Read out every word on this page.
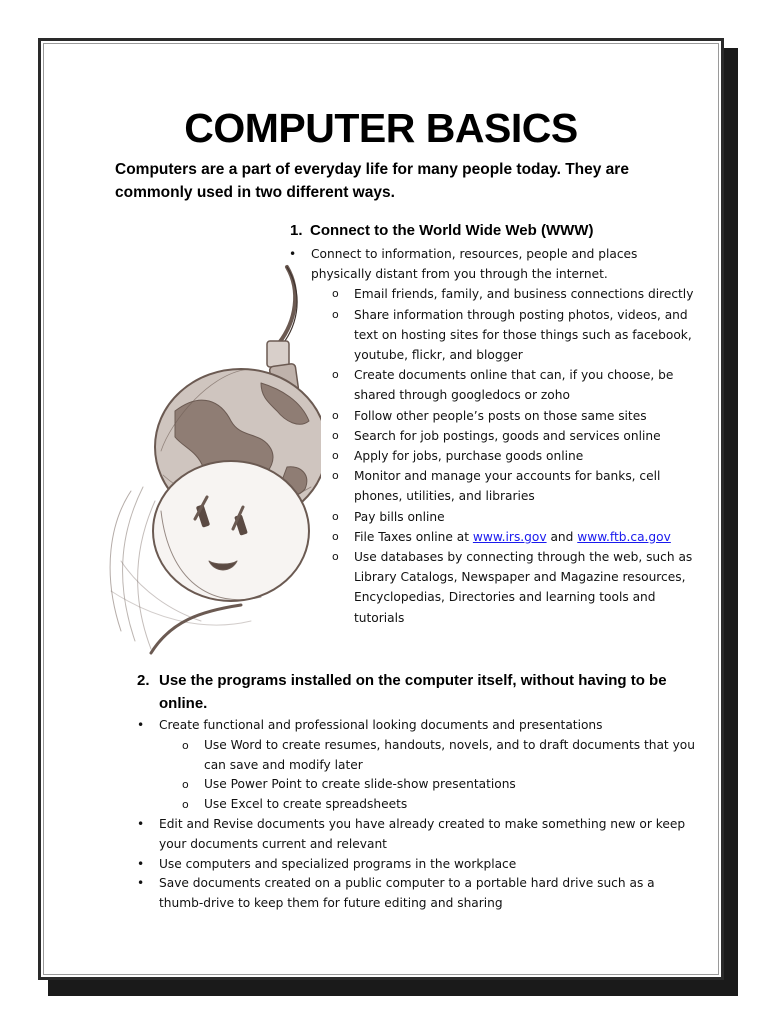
COMPUTER BASICS
Computers are a part of everyday life for many people today. They are commonly used in two different ways.
1. Connect to the World Wide Web (WWW)
• Connect to information, resources, people and places physically distant from you through the internet.
o Email friends, family, and business connections directly
o Share information through posting photos, videos, and text on hosting sites for those things such as facebook, youtube, flickr, and blogger
o Create documents online that can, if you choose, be shared through googledocs or zoho
o Follow other people’s posts on those same sites
o Search for job postings, goods and services online
o Apply for jobs, purchase goods online
o Monitor and manage your accounts for banks, cell phones, utilities, and libraries
o Pay bills online
o File Taxes online at www.irs.gov and www.ftb.ca.gov
o Use databases by connecting through the web, such as Library Catalogs, Newspaper and Magazine resources, Encyclopedias, Directories and learning tools and tutorials
2. Use the programs installed on the computer itself, without having to be online.
• Create functional and professional looking documents and presentations
o Use Word to create resumes, handouts, novels, and to draft documents that you can save and modify later
o Use Power Point to create slide-show presentations
o Use Excel to create spreadsheets
• Edit and Revise documents you have already created to make something new or keep your documents current and relevant
• Use computers and specialized programs in the workplace
• Save documents created on a public computer to a portable hard drive such as a thumb-drive to keep them for future editing and sharing
